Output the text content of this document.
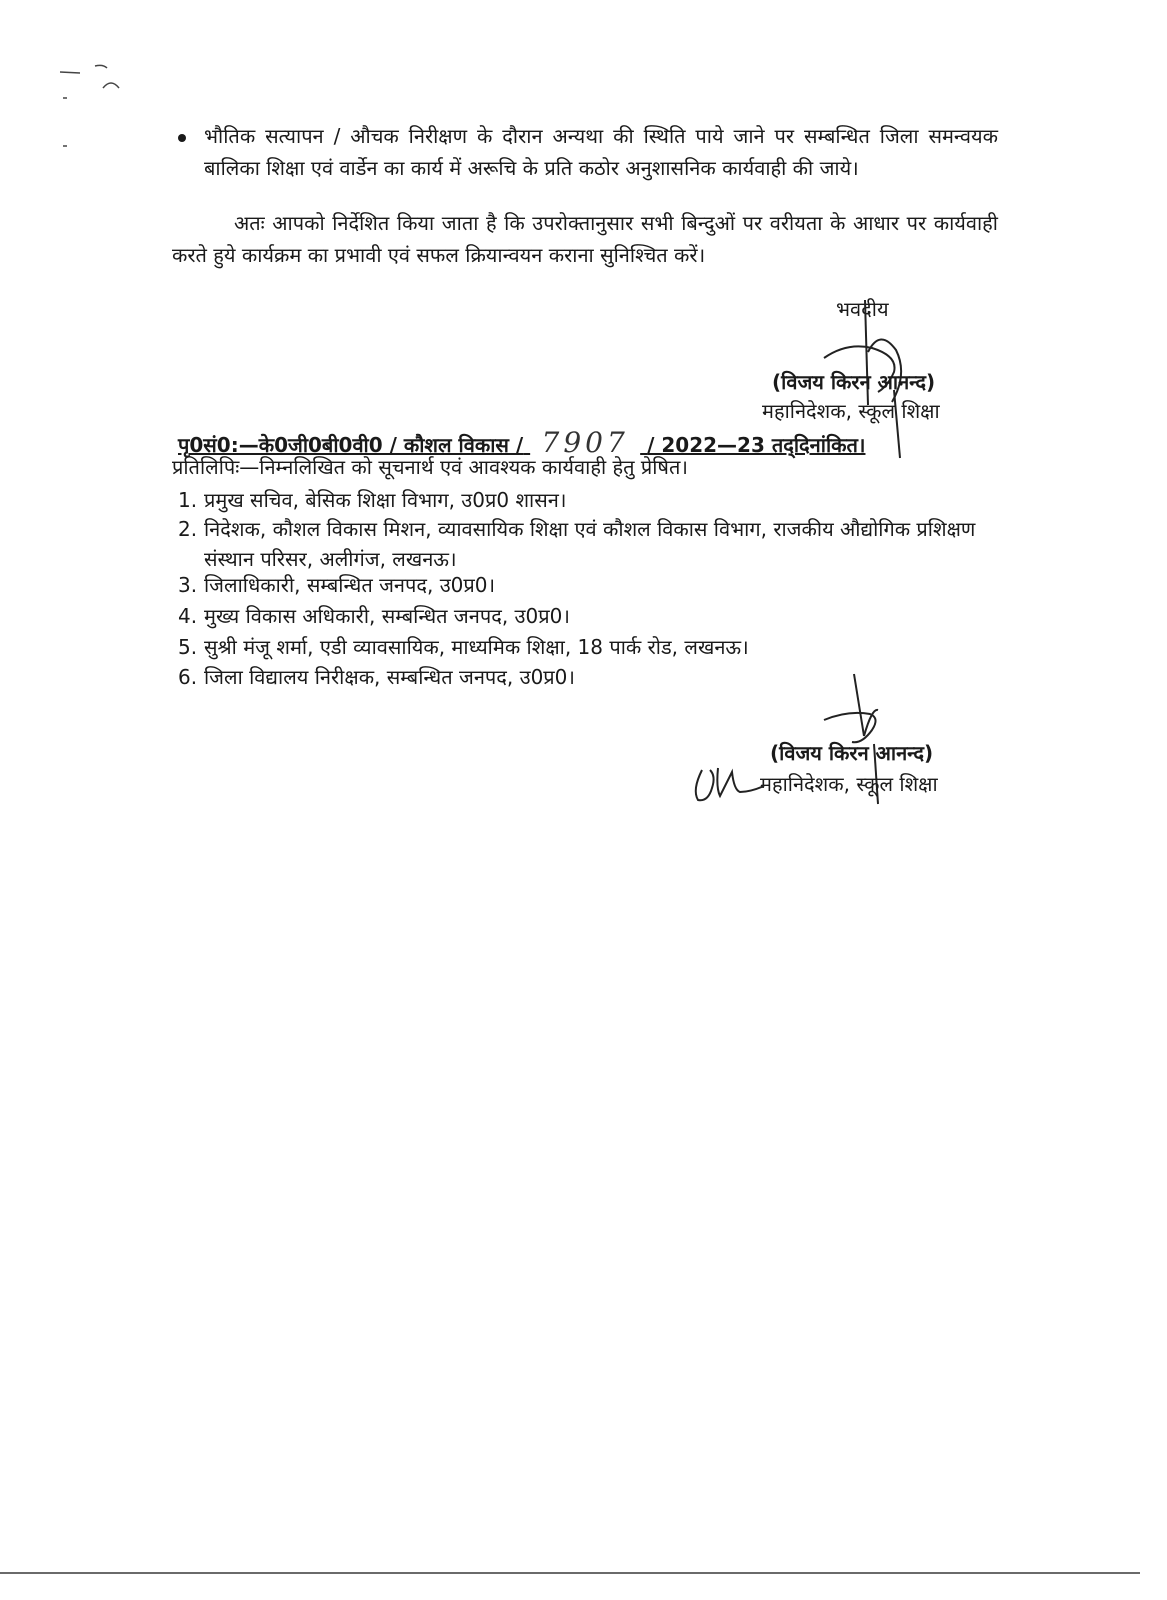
भौतिक सत्यापन / औचक निरीक्षण के दौरान अन्यथा की स्थिति पाये जाने पर सम्बन्धित जिला समन्वयक बालिका शिक्षा एवं वार्डेन का कार्य में अरूचि के प्रति कठोर अनुशासनिक कार्यवाही की जाये।
अतः आपको निर्देशित किया जाता है कि उपरोक्तानुसार सभी बिन्दुओं पर वरीयता के आधार पर कार्यवाही करते हुये कार्यक्रम का प्रभावी एवं सफल क्रियान्वयन कराना सुनिश्चित करें।
भवदीय
(विजय किरन आनन्द)
महानिदेशक, स्कूल शिक्षा
पृ0सं0:—के0जी0बी0वी0 / कौशल विकास / 7907 / 2022—23 तद्‌दिनांकित।
प्रतिलिपिः—निम्नलिखित को सूचनार्थ एवं आवश्यक कार्यवाही हेतु प्रेषित।
1. प्रमुख सचिव, बेसिक शिक्षा विभाग, उ0प्र0 शासन।
2. निदेशक, कौशल विकास मिशन, व्यावसायिक शिक्षा एवं कौशल विकास विभाग, राजकीय औद्योगिक प्रशिक्षण संस्थान परिसर, अलीगंज, लखनऊ।
3. जिलाधिकारी, सम्बन्धित जनपद, उ0प्र0।
4. मुख्य विकास अधिकारी, सम्बन्धित जनपद, उ0प्र0।
5. सुश्री मंजू शर्मा, एडी व्यावसायिक, माध्यमिक शिक्षा, 18 पार्क रोड, लखनऊ।
6. जिला विद्यालय निरीक्षक, सम्बन्धित जनपद, उ0प्र0।
(विजय किरन आनन्द)
महानिदेशक, स्कूल शिक्षा
